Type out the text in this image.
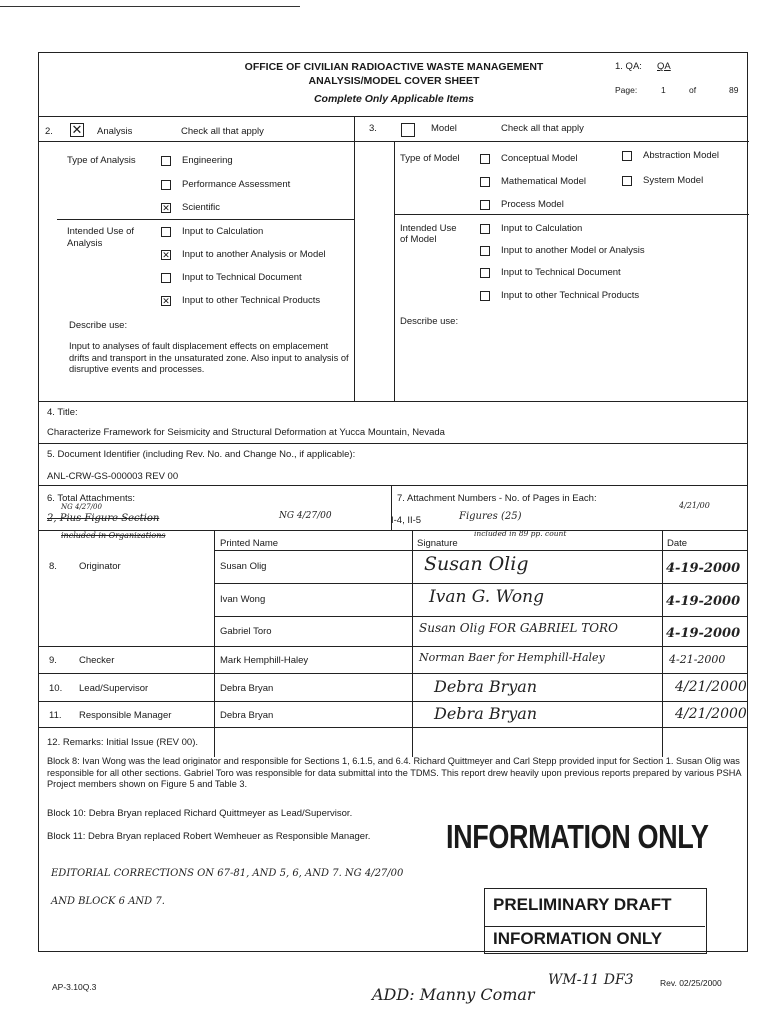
OFFICE OF CIVILIAN RADIOACTIVE WASTE MANAGEMENT
ANALYSIS/MODEL COVER SHEET
Complete Only Applicable Items
1. QA: QA
Page:	1	of	89
2. ✕ Analysis	Check all that apply
Type of Analysis	Engineering
Performance Assessment
✕ Scientific
Intended Use of Analysis
Input to Calculation
✕ Input to another Analysis or Model
Input to Technical Document
✕ Input to other Technical Products
Describe use:
Input to analyses of fault displacement effects on emplacement drifts and transport in the unsaturated zone. Also input to analysis of disruptive events and processes.
3.	Model	Check all that apply
Type of Model	Conceptual Model	Abstraction Model
Mathematical Model	System Model
Process Model
Intended Use of Model
Input to Calculation
Input to another Model or Analysis
Input to Technical Document
Input to other Technical Products
Describe use:
4. Title:
Characterize Framework for Seismicity and Structural Deformation at Yucca Mountain, Nevada
5. Document Identifier (including Rev. No. and Change No., if applicable):
ANL-CRW-GS-000003 REV 00
6. Total Attachments:
NG 4/27/00
2, Pius Figure Section	NG 4/27/00
included in Organizations
7. Attachment Numbers - No. of Pages in Each:
I-4, II-5	Figures (25)
included in 89 pp. count
4/21/00
Printed Name	Signature	Date
8. Originator	Susan Olig	Susan Olig	4-19-2000
Ivan Wong	Ivan G. Wong	4-19-2000
Gabriel Toro	Susan Olig FOR GABRIEL TORO	4-19-2000
9. Checker	Mark Hemphill-Haley	Norman Baer for Hemphill-Haley	4-21-2000
10. Lead/Supervisor	Debra Bryan	Debra Bryan	4/21/2000
11. Responsible Manager	Debra Bryan	Debra Bryan	4/21/2000
12. Remarks: Initial Issue (REV 00).
Block 8: Ivan Wong was the lead originator and responsible for Sections 1, 6.1.5, and 6.4. Richard Quittmeyer and Carl Stepp provided input for Section 1. Susan Olig was responsible for all other sections. Gabriel Toro was responsible for data submittal into the TDMS. This report drew heavily upon previous reports prepared by various PSHA Project members shown on Figure 5 and Table 3.
Block 10: Debra Bryan replaced Richard Quittmeyer as Lead/Supervisor.
Block 11: Debra Bryan replaced Robert Wemheuer as Responsible Manager.
EDITORIAL CORRECTIONS ON 67-81, AND 5, 6, AND 7. NG 4/27/00
AND BLOCK 6 AND 7.
INFORMATION ONLY
PRELIMINARY DRAFT
INFORMATION ONLY
AP-3.10Q.3	Rev. 02/25/2000
ADD: Manny Comar
WM-11 DF3
